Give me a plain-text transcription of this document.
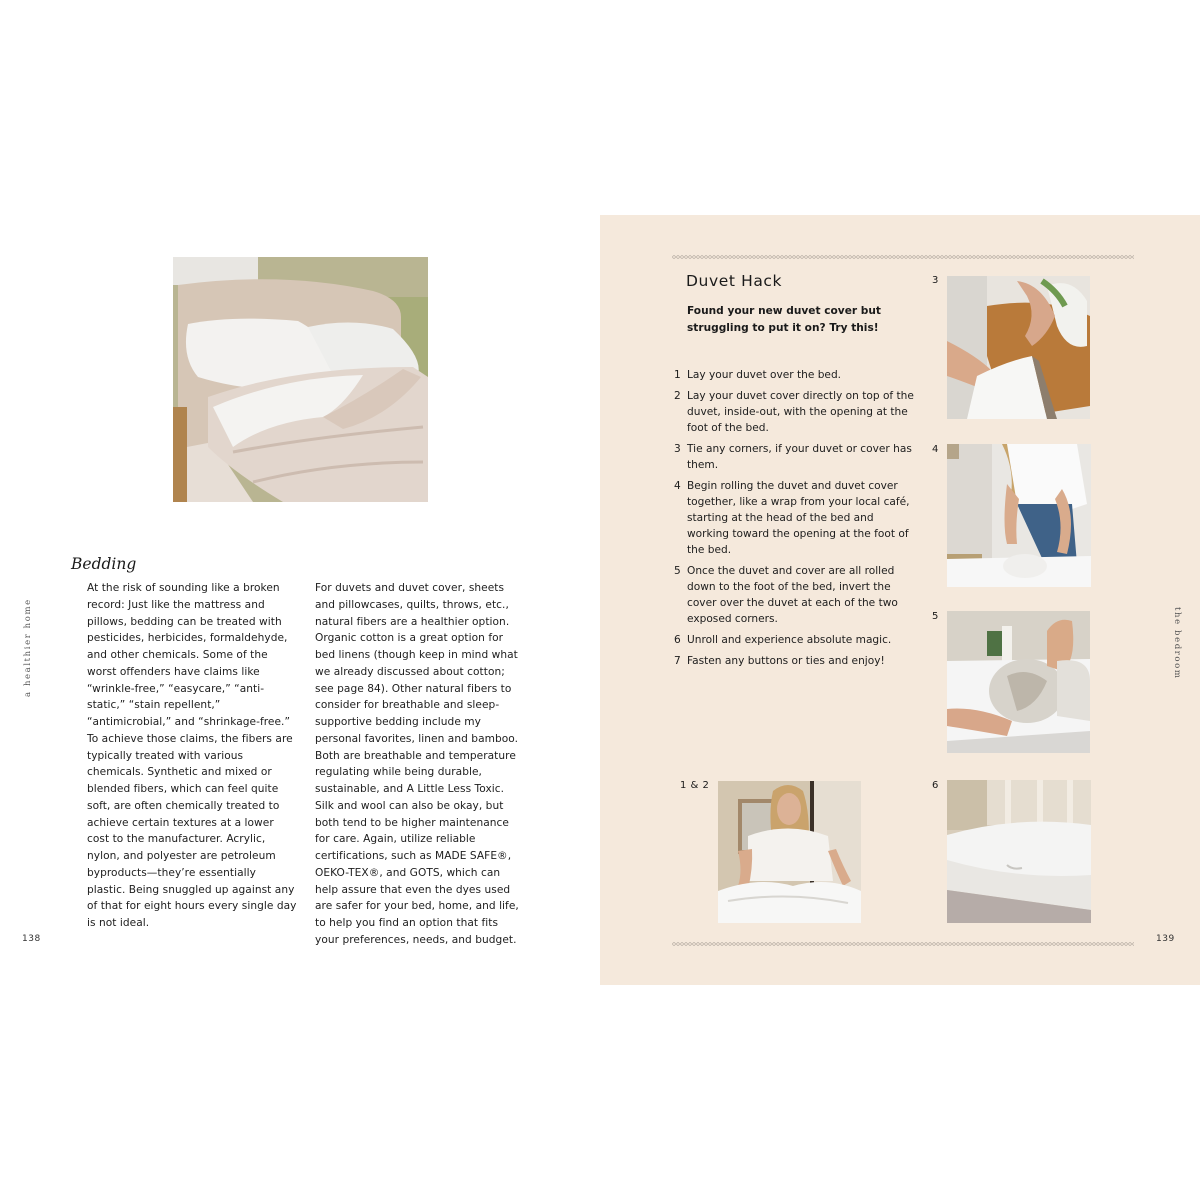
Bedding

At the risk of sounding like a broken record: Just like the mattress and pillows, bedding can be treated with pesticides, herbicides, formaldehyde, and other chemicals. Some of the worst offenders have claims like “wrinkle-free,” “easycare,” “anti-static,” “stain repellent,” “antimicrobial,” and “shrinkage-free.” To achieve those claims, the fibers are typically treated with various chemicals. Synthetic and mixed or blended fibers, which can feel quite soft, are often chemically treated to achieve certain textures at a lower cost to the manufacturer. Acrylic, nylon, and polyester are petroleum byproducts—they’re essentially plastic. Being snuggled up against any of that for eight hours every single day is not ideal.

For duvets and duvet cover, sheets and pillowcases, quilts, throws, etc., natural fibers are a healthier option. Organic cotton is a great option for bed linens (though keep in mind what we already discussed about cotton; see page 84). Other natural fibers to consider for breathable and sleep-supportive bedding include my personal favorites, linen and bamboo. Both are breathable and temperature regulating while being durable, sustainable, and A Little Less Toxic. Silk and wool can also be okay, but both tend to be higher maintenance for care. Again, utilize reliable certifications, such as MADE SAFE®, OEKO-TEX®, and GOTS, which can help assure that even the dyes used are safer for your bed, home, and life, to help you find an option that fits your preferences, needs, and budget.

a healthier home
138
Duvet Hack
Found your new duvet cover but struggling to put it on? Try this!
1 Lay your duvet over the bed.
2 Lay your duvet cover directly on top of the duvet, inside-out, with the opening at the foot of the bed.
3 Tie any corners, if your duvet or cover has them.
4 Begin rolling the duvet and duvet cover together, like a wrap from your local café, starting at the head of the bed and working toward the opening at the foot of the bed.
5 Once the duvet and cover are all rolled down to the foot of the bed, invert the cover over the duvet at each of the two exposed corners.
6 Unroll and experience absolute magic.
7 Fasten any buttons or ties and enjoy!
3
4
5
1 & 2	6
the bedroom
139
